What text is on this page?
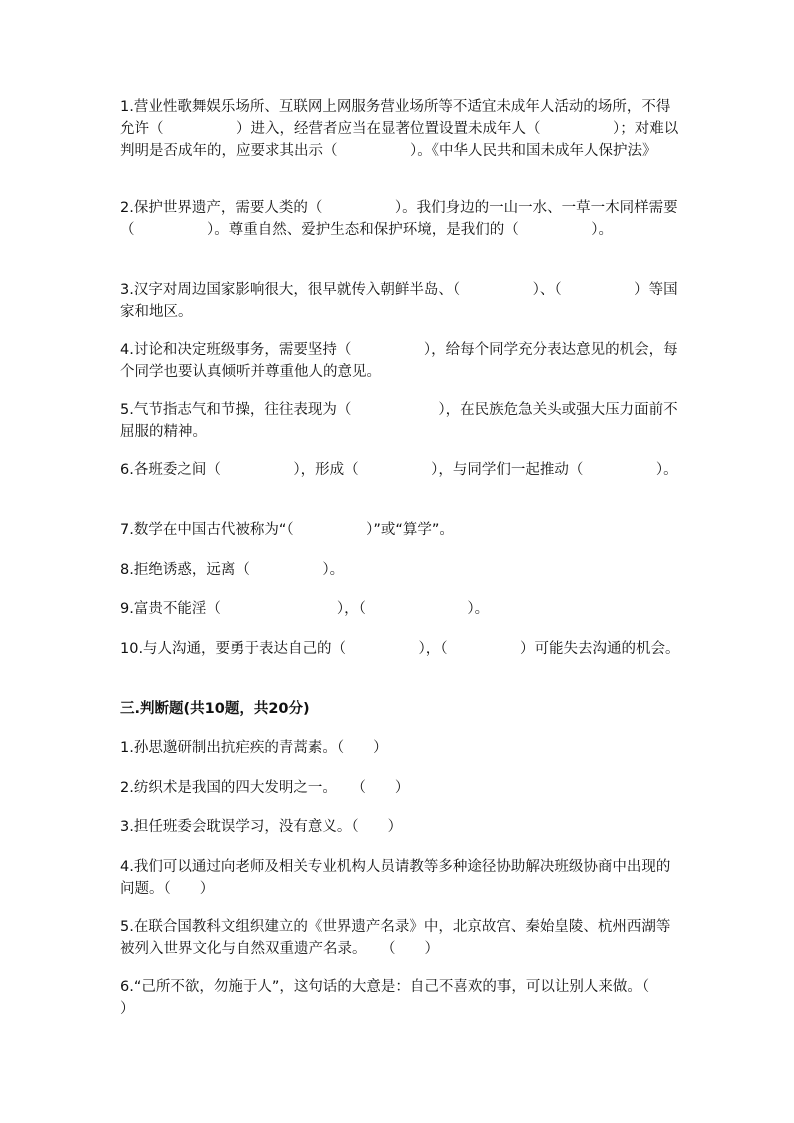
1.营业性歌舞娱乐场所、互联网上网服务营业场所等不适宜未成年人活动的场所，不得允许（　　　　　）进入，经营者应当在显著位置设置未成年人（　　　　　）；对难以判明是否成年的，应要求其出示（　　　　　）。《中华人民共和国未成年人保护法》

2.保护世界遗产，需要人类的（　　　　　）。我们身边的一山一水、一草一木同样需要（　　　　　）。尊重自然、爱护生态和保护环境，是我们的（　　　　　）。

3.汉字对周边国家影响很大，很早就传入朝鲜半岛、（　　　　　）、（　　　　　）等国家和地区。

4.讨论和决定班级事务，需要坚持（　　　　　），给每个同学充分表达意见的机会，每个同学也要认真倾听并尊重他人的意见。

5.气节指志气和节操，往往表现为（　　　　　　），在民族危急关头或强大压力面前不屈服的精神。

6.各班委之间（　　　　　），形成（　　　　　），与同学们一起推动（　　　　　）。

7.数学在中国古代被称为“（　　　　　）”或“算学”。

8.拒绝诱惑，远离（　　　　　）。

9.富贵不能淫（　　　　　　　　），（　　　　　　　）。

10.与人沟通，要勇于表达自己的（　　　　　），（　　　　　）可能失去沟通的机会。

三.判断题(共10题，共20分)

1.孙思邈研制出抗疟疾的青蒿素。（　　）

2.纺织术是我国的四大发明之一。　　（　　）

3.担任班委会耽误学习，没有意义。（　　）

4.我们可以通过向老师及相关专业机构人员请教等多种途径协助解决班级协商中出现的问题。（　　）

5.在联合国教科文组织建立的《世界遗产名录》中，北京故宫、秦始皇陵、杭州西湖等被列入世界文化与自然双重遗产名录。　　（　　）

6.“己所不欲，勿施于人”，这句话的大意是：自己不喜欢的事，可以让别人来做。（　　）
